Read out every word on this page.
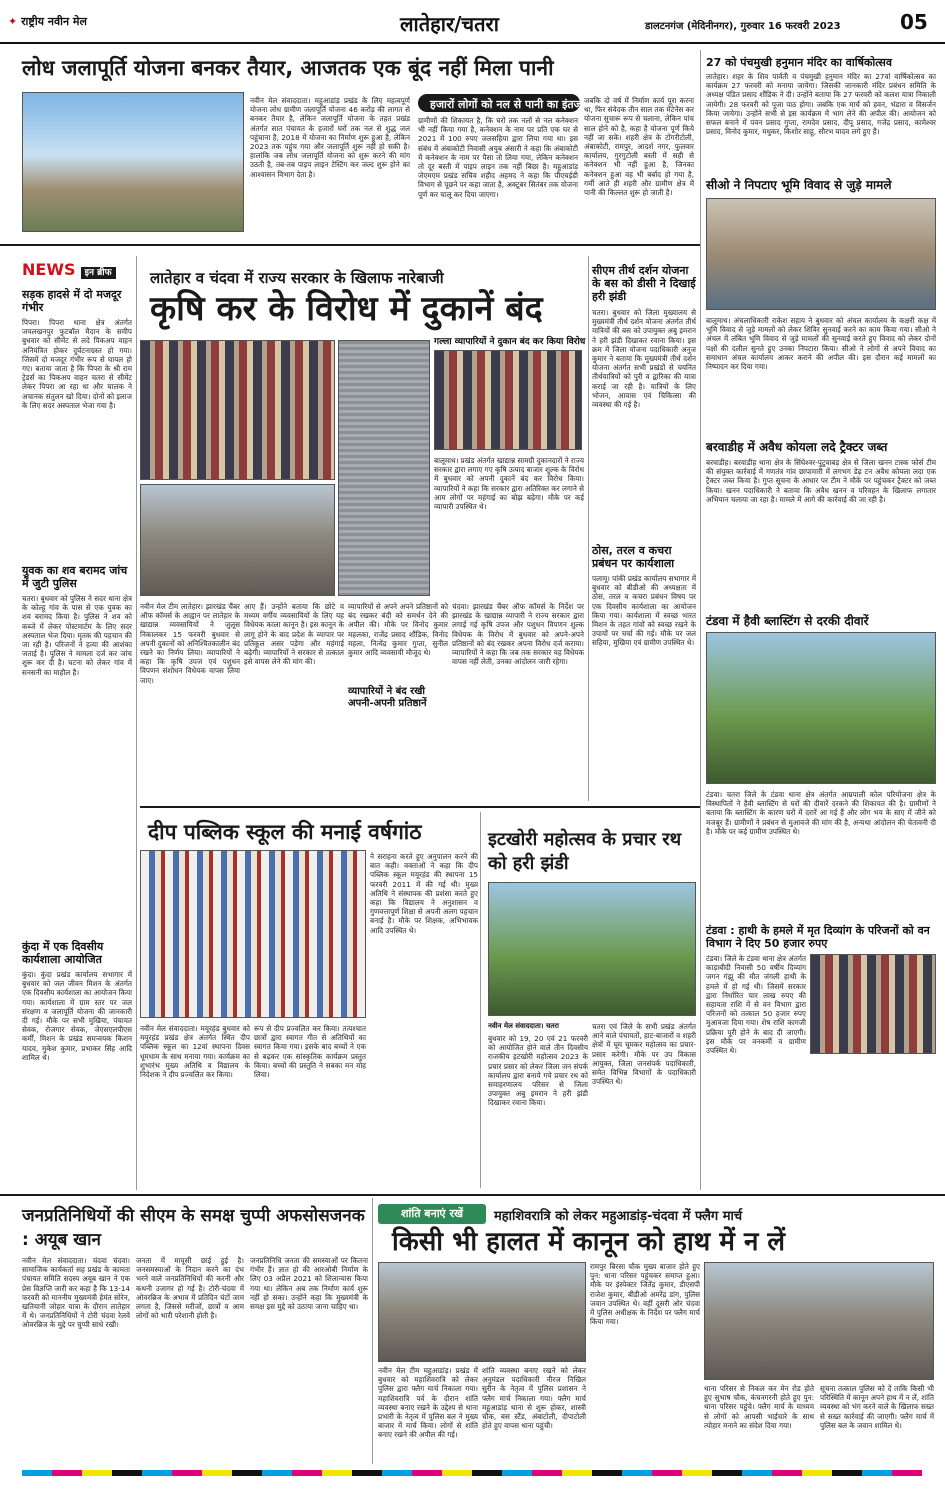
✦ राष्ट्रीय नवीन मेल	लातेहार/चतरा	डालटनगंज (मेदिनीनगर), गुरुवार 16 फरवरी 2023	05
लोध जलापूर्ति योजना बनकर तैयार, आजतक एक बूंद नहीं मिला पानी
हजारों लोगों को नल से पानी का इंतजार
नवीन मेल संवाददाता। महुआडांड़ प्रखंड के लिए महत्वपूर्ण योजना लोध ग्रामीण जलापूर्ति योजना 46 करोड़ की लागत से बनकर तैयार है, लेकिन जलापूर्ति योजना के तहत प्रखंड अंतर्गत सात पंचायत के हजारों घरों तक नल से शुद्ध जल पहुंचाना है, 2018 में योजना का निर्माण शुरू हुआ है, लेकिन 2023 तक पहुंच गया और जलापूर्ति शुरू नहीं हो सकी है। हालांकि जब लोध जलापूर्ति योजना को शुरू करने की मांग उठती है, तब-तब पाइप लाइन टेस्टिंग कर जल्द शुरू होने का आश्वासन विभाग देता है।
ग्रामीणों की शिकायत है, कि घरों तक नलों से नल कनेक्शन भी नहीं किया गया है, कनेक्शन के नाम पर प्रति एक घर से 2021 में 100 रुपए जलसहिया द्वारा लिया गया था। इस संबंध में अंबाकोटी निवासी अयुब अंसारी ने कहा कि अंबाकोटी में कनेक्शन के नाम पर पैसा तो लिया गया, लेकिन कनेक्शन तो दूर बस्ती में पाइप लाइन तक नहीं बिछा है। महुआडांड़ जेएमएम प्रखंड सचिव शहीद अहमद ने कहा कि पीएचईडी विभाग से पूछने पर कहा जाता है, अक्टूबर सितंबर तक योजना पूर्ण कर चालू कर दिया जाएगा।
जबकि दो वर्ष में निर्माण कार्य पूरा करना था, फिर संवेदक तीन साल तक मेंटेनेंस कर योजना सुचारू रूप से चलाना, लेकिन पांच साल होने को है, कहा है योजना पूर्ण किये नहीं जा सके। शहरी क्षेत्र के टोंगरीटोली, अंबाकोटी, रामपुर, आदर्श नगर, फुलवार कार्यालय, गुरगुटोली बस्ती में सही से कनेक्शन भी नहीं हुआ है, जिनका कनेक्शन हुआ वह भी बर्बाद हो गया है, गर्मी आते ही शहरी और ग्रामीण क्षेत्र में पानी की किल्लत शुरू हो जाती है।
NEWS इन ब्रीफ
सड़क हादसे में दो मजदूर गंभीर
पिपरा। पिपरा थाना क्षेत्र अंतर्गत जयलखनपुर फुटबॉल मैदान के समीप बुधवार को सीमेंट से लदे पिकअप वाहन अनियंत्रित होकर दुर्घटनाग्रस्त हो गया। जिसमें दो मजदूर गंभीर रूप से घायल हो गए। बताया जाता है कि पिपरा के श्री राम ट्रेडर्स का पिकअप वाहन चतरा से सीमेंट लेकर पिपरा आ रहा था और चालक ने अचानक संतुलन खो दिया। दोनों को इलाज के लिए सदर अस्पताल भेजा गया है।
युवक का शव बरामद जांच में जुटी पुलिस
चतरा। बुधवार को पुलिस ने सदर थाना क्षेत्र के कोल्हू गांव के पास से एक युवक का शव बरामद किया है। पुलिस ने शव को कब्जे में लेकर पोस्टमार्टम के लिए सदर अस्पताल भेज दिया। मृतक की पहचान की जा रही है। परिजनों ने हत्या की आशंका जताई है। पुलिस ने मामला दर्ज कर जांच शुरू कर दी है। घटना को लेकर गांव में सनसनी का माहौल है।
कुंदा में एक दिवसीय कार्यशाला आयोजित
कुंदा। कुंदा प्रखंड कार्यालय सभागार में बुधवार को जल जीवन मिशन के अंतर्गत एक दिवसीय कार्यशाला का आयोजन किया गया। कार्यशाला में ग्राम स्तर पर जल संरक्षण व जलापूर्ति योजना की जानकारी दी गई। मौके पर सभी मुखिया, पंचायत सेवक, रोजगार सेवक, जेएसएलपीएस कर्मी, मिशन के प्रखंड समन्वयक किशन यादव, मुकेश कुमार, प्रभाकर सिंह आदि शामिल थे।
लातेहार व चंदवा में राज्य सरकार के खिलाफ नारेबाजी
कृषि कर के विरोध में दुकानें बंद
गल्ला व्यापारियों ने दुकान बंद कर किया विरोध
बालूमाथ। प्रखंड अंतर्गत खाद्यान्न सामग्री दुकानदारों ने राज्य सरकार द्वारा लगाए गए कृषि उत्पाद बाजार शुल्क के विरोध में बुधवार को अपनी दुकानें बंद कर विरोध किया। व्यापारियों ने कहा कि सरकार द्वारा अतिरिक्त कर लगाने से आम लोगों पर महंगाई का बोझ बढ़ेगा। मौके पर कई व्यापारी उपस्थित थे।
नवीन मेल टीम लातेहार। झारखंड चैंबर ऑफ कॉमर्स के आह्वान पर लातेहार के खाद्यान्न व्यवसायियों ने जुलूस निकालकर 15 फरवरी बुधवार से अपनी दुकानों को अनिश्चितकालीन बंद रखने का निर्णय लिया। व्यापारियों ने कहा कि कृषि उपज एवं पशुधन विपणन संशोधन विधेयक वापस लिया जाए।
आए हैं। उन्होंने बताया कि छोटे व मध्यम वर्गीय व्यवसायियों के लिए यह विधेयक काला कानून है। इस कानून के लागू होने के बाद प्रदेश के व्यापार पर प्रतिकूल असर पड़ेगा और महंगाई बढ़ेगी। व्यापारियों ने सरकार से तत्काल इसे वापस लेने की मांग की।
व्यापारियों से अपने अपने प्रतिष्ठानों को बंद रखकर बंदी को समर्थन देने की अपील की। मौके पर विनोद कुमार महलका, राजेंद्र प्रसाद शौंडिक, विनोद महला, नित्येंद्र कुमार गुप्ता, सुनील कुमार आदि व्यवसायी मौजूद थे।
व्यापारियों ने बंद रखी अपनी-अपनी प्रतिष्ठानें
चंदवा। झारखंड चैंबर ऑफ कॉमर्स के निर्देश पर झारखंड के खाद्यान्न व्यापारी ने राज्य सरकार द्वारा लगाई गई कृषि उपज और पशुधन विपणन शुल्क विधेयक के विरोध में बुधवार को अपने-अपने प्रतिष्ठानों को बंद रखकर अपना विरोध दर्ज कराया। व्यापारियों ने कहा कि जब तक सरकार यह विधेयक वापस नहीं लेती, उनका आंदोलन जारी रहेगा।
सीएम तीर्थ दर्शन योजना के बस को डीसी ने दिखाई हरी झंडी
चतरा। बुधवार को जिला मुख्यालय से मुख्यमंत्री तीर्थ दर्शन योजना अंतर्गत तीर्थ यात्रियों की बस को उपायुक्त अबु इमरान ने हरी झंडी दिखाकर रवाना किया। इस क्रम में जिला योजना पदाधिकारी अनुज कुमार ने बताया कि मुख्यमंत्री तीर्थ दर्शन योजना अंतर्गत सभी प्रखंडों से चयनित तीर्थयात्रियों को पुरी व द्वारिका की यात्रा कराई जा रही है। यात्रियों के लिए भोजन, आवास एवं चिकित्सा की व्यवस्था की गई है।
ठोस, तरल व कचरा प्रबंधन पर कार्यशाला
पलामू। पांकी प्रखंड कार्यालय सभागार में बुधवार को बीडीओ की अध्यक्षता में ठोस, तरल व कचरा प्रबंधन विषय पर एक दिवसीय कार्यशाला का आयोजन किया गया। कार्यशाला में स्वच्छ भारत मिशन के तहत गांवों को स्वच्छ रखने के उपायों पर चर्चा की गई। मौके पर जल सहिया, मुखिया एवं ग्रामीण उपस्थित थे।
दीप पब्लिक स्कूल की मनाई वर्षगांठ
नवीन मेल संवाददाता। मयूरहंड बुधवार को मयूरहंड प्रखंड क्षेत्र अंतर्गत स्थित दीप पब्लिक स्कूल का 12वां स्थापना दिवस धूमधाम के साथ मनाया गया। कार्यक्रम का शुभारंभ मुख्य अतिथि व विद्यालय के निदेशक ने दीप प्रज्वलित कर किया।
रूप से दीप प्रज्वलित कर किया। तत्पश्चात छात्रों द्वारा स्वागत गीत से अतिथियों का स्वागत किया गया। इसके बाद बच्चों ने एक से बढ़कर एक सांस्कृतिक कार्यक्रम प्रस्तुत किया। बच्चों की प्रस्तुति ने सबका मन मोह लिया।
ने सराहना करते हुए अनुपालन करने की बात कही। वक्ताओं ने कहा कि दीप पब्लिक स्कूल मयूरहंड की स्थापना 15 फरवरी 2011 में की गई थी। मुख्य अतिथि ने संस्थापक की प्रशंसा करते हुए कहा कि विद्यालय ने अनुशासन व गुणवत्तापूर्ण शिक्षा से अपनी अलग पहचान बनाई है। मौके पर शिक्षक, अभिभावक आदि उपस्थित थे।
इटखोरी महोत्सव के प्रचार रथ को हरी झंडी
नवीन मेल संवाददाता। चतरा
बुधवार को 19, 20 एवं 21 फरवरी को आयोजित होने वाले तीन दिवसीय राजकीय इटखोरी महोत्सव 2023 के प्रचार प्रसार को लेकर जिला जन संपर्क कार्यालय द्वारा बनाये गये प्रचार रथ को समाहरणालय परिसर से जिला उपायुक्त अबु इमरान ने हरी झंडी दिखाकर रवाना किया।
चतरा एवं जिले के सभी प्रखंड अंतर्गत आने वाले पंचायतों, हाट-बाजारों व शहरी क्षेत्रों में घूम घूमकर महोत्सव का प्रचार-प्रसार करेगी। मौके पर उप विकास आयुक्त, जिला जनसंपर्क पदाधिकारी, समेत विभिन्न विभागों के पदाधिकारी उपस्थित थे।
27 को पंचमुखी हनुमान मंदिर का वार्षिकोत्सव
लातेहार। शहर के शिव पार्वती व पंचमुखी हनुमान मंदिर का 27वां वार्षिकोत्सव का कार्यक्रम 27 फरवरी को मनाया जायेगा। जिसकी जानकारी मंदिर प्रबंधन समिति के अध्यक्ष पंडित प्रसाद शौंडिक ने दी। उन्होंने बताया कि 27 फरवरी को कलश यात्रा निकाली जायेगी। 28 फरवरी को पूजा पाठ होगा। जबकि एक मार्च को हवन, भंडारा व विसर्जन किया जायेगा। उन्होंने सभी से इस कार्यक्रम में भाग लेने की अपील की। आयोजन को सफल बनाने में पवन प्रसाद गुप्ता, रामदेव प्रसाद, दीपू प्रसाद, गजेंद्र प्रसाद, कामेश्वर प्रसाद, विनोद कुमार, मधुकर, किशोर साहू, सौरभ यादव लगे हुए हैं।
सीओ ने निपटाए भूमि विवाद से जुड़े मामले
बालूमाथ। अंचलाधिकारी राकेश सहाय ने बुधवार को अंचल कार्यालय के कक्षरी कक्ष में भूमि विवाद से जुड़े मामलों को लेकर शिविर सुनवाई करने का काम किया गया। सीओ ने अंचल में लंबित भूमि विवाद से जुड़े मामलों की सुनवाई करते हुए विवाद को लेकर दोनों पक्षों की दलील सुनते हुए उनका निपटारा किया। सीओ ने लोगों से अपने विवाद का समाधान अंचल कार्यालय आकर कराने की अपील की। इस दौरान कई मामलों का निष्पादन कर दिया गया।
बरवाडीह में अवैध कोयला लदे ट्रैक्टर जब्त
बरवाडीह। बरवाडीह थाना क्षेत्र के सिंघेश्वर-पुटुवाबड़ क्षेत्र से जिला खनन टास्क फोर्स टीम की संयुक्त कार्रवाई में गणतंत्र गांव छापामारी में लगभग डेढ़ टन अवैध कोयला लदा एक ट्रैक्टर जब्त किया है। गुप्त सूचना के आधार पर टीम ने मौके पर पहुंचकर ट्रैक्टर को जब्त किया। खनन पदाधिकारी ने बताया कि अवैध खनन व परिवहन के खिलाफ लगातार अभियान चलाया जा रहा है। मामले में आगे की कार्रवाई की जा रही है।
टंडवा में हैवी ब्लास्टिंग से दरकी दीवारें
टंडवा। चतरा जिले के टंडवा थाना क्षेत्र अंतर्गत आम्रपाली कोल परियोजना क्षेत्र के विस्थापितों ने हैवी ब्लास्टिंग से घरों की दीवारें दरकने की शिकायत की है। ग्रामीणों ने बताया कि ब्लास्टिंग के कारण घरों में दरारें आ गई हैं और लोग भय के साए में जीने को मजबूर हैं। ग्रामीणों ने प्रबंधन से मुआवजे की मांग की है, अन्यथा आंदोलन की चेतावनी दी है। मौके पर कई ग्रामीण उपस्थित थे।
टंडवा : हाथी के हमले में मृत दिव्यांग के परिजनों को वन विभाग ने दिए 50 हजार रुपए
टंडवा। जिले के टंडवा थाना क्षेत्र अंतर्गत काड़ाबीदी निवासी 50 वर्षीय दिव्यांग जगन गंझू की मौत जंगली हाथी के हमले में हो गई थी। जिसमें सरकार द्वारा निर्धारित चार लाख रुपए की सहायता राशि में से वन विभाग द्वारा परिजनों को तत्काल 50 हजार रुपए मुआवजा दिया गया। शेष राशि कागजी प्रक्रिया पूरी होने के बाद दी जाएगी। इस मौके पर वनकर्मी व ग्रामीण उपस्थित थे।
जनप्रतिनिधियों की सीएम के समक्ष चुप्पी अफसोसजनक : अयूब खान
नवीन मेल संवाददाता। चंदवा चंदवा। सामाजिक कार्यकर्ता सह प्रखंड के कामता पंचायत समिति सदस्य अयूब खान ने एक प्रेस विज्ञप्ति जारी कर कहा है कि 13-14 फरवरी को माननीय मुख्यमंत्री हेमंत सोरेन, खतियानी जोहार यात्रा के दौरान लातेहार में थे। जनप्रतिनिधियों ने टोरी चंदवा रेलवे ओवरब्रिज के मुद्दे पर चुप्पी साधे रखी।
जनता में मायूसी छाई हुई है। जनसमस्याओं के निदान करने का दंभ भरने वाले जनप्रतिनिधियों की करनी और कथनी उजागर हो गई है। टोरी-चंदवा में ओवरब्रिज के अभाव में प्रतिदिन घंटों जाम लगता है, जिससे मरीजों, छात्रों व आम लोगों को भारी परेशानी होती है।
जनप्रतिनिधि जनता की समस्याओं पर कितना गंभीर हैं। ज्ञात हो की आरओबी निर्माण के लिए 03 अप्रैल 2021 को शिलान्यास किया गया था। लेकिन अब तक निर्माण कार्य शुरू नहीं हो सका। उन्होंने कहा कि मुख्यमंत्री के समक्ष इस मुद्दे को उठाया जाना चाहिए था।
शांति बनाएं रखें	महाशिवरात्रि को लेकर महुआडांड़-चंदवा में फ्लैग मार्च
किसी भी हालत में कानून को हाथ में न लें
नवीन मेल टीम महुआडांड़। प्रखंड में बुधवार को महाशिवरात्रि को लेकर पुलिस द्वारा फ्लैग मार्च निकाला गया। महाशिवरात्रि पर्व के दौरान शांति व्यवस्था बनाए रखने के उद्देश्य से थाना प्रभारी के नेतृत्व में पुलिस बल ने मुख्य बाजार में मार्च किया। लोगों से शांति बनाए रखने की अपील की गई।
शांति व्यवस्था बनाए रखने को लेकर अनुमंडल पदाधिकारी नीरज निखिल सुरीन के नेतृत्व में पुलिस प्रशासन ने फ्लैग मार्च निकाला गया। फ्लैग मार्च महुआडांड़ थाना से शुरू होकर, शास्त्री चौक, बस स्टैंड, अंबाटोली, दीपाटोली होते हुए वापस थाना पहुंची।
रामपुर बिरसा चौक मुख्य बाजार होते हुए पुन: थाना परिसर पहुंचकर समाप्त हुआ। मौके पर इंस्पेक्टर जितेंद्र कुमार, डीएसपी राजेश कुमार, बीडीओ अमरेंद्र डांग, पुलिस जवान उपस्थित थे। वहीं दूसरी ओर चंदवा में पुलिस अधीक्षक के निर्देश पर फ्लैग मार्च किया गया।
थाना परिसर से निकल कर मेन रोड होते हुए सुभाष चौक, कंचनगरनी होते हुए पुन: थाना परिसर पहुंचे। फ्लैग मार्च के माध्यम से लोगों को आपसी भाईचारे के साथ त्योहार मनाने का संदेश दिया गया।
सूचना तत्काल पुलिस को दें ताकि किसी भी परिस्थिति में कानून अपने हाथ में न लें, शांति व्यवस्था को भंग करने वाले के खिलाफ सख्त से सख्त कार्रवाई की जाएगी। फ्लैग मार्च में पुलिस बल के जवान शामिल थे।
